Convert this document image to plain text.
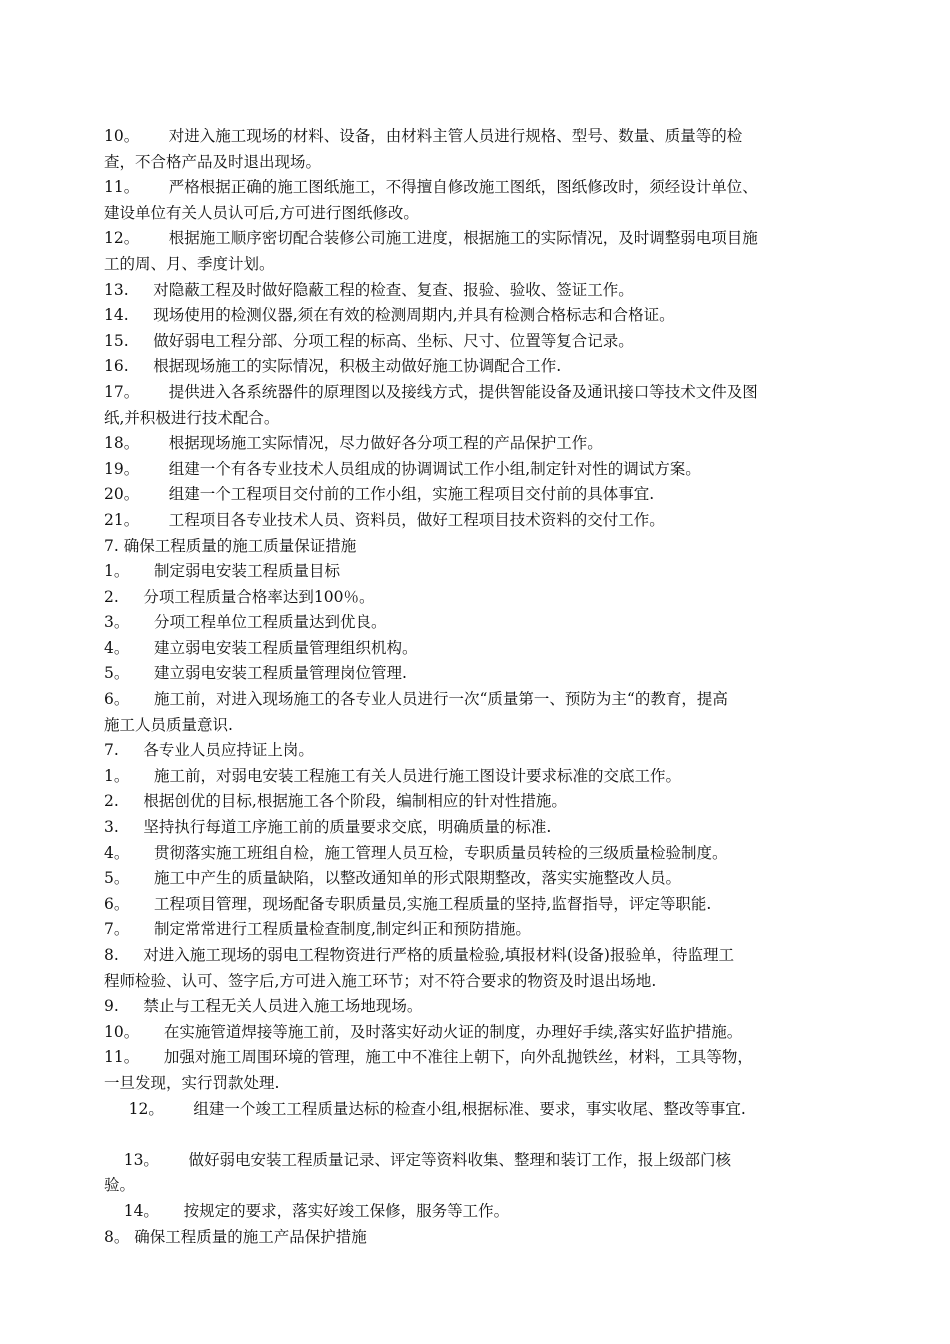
10。      对进入施工现场的材料、设备，由材料主管人员进行规格、型号、数量、质量等的检
查，不合格产品及时退出现场。
11。      严格根据正确的施工图纸施工，不得擅自修改施工图纸，图纸修改时，须经设计单位、
建设单位有关人员认可后,方可进行图纸修改。
12。      根据施工顺序密切配合装修公司施工进度，根据施工的实际情况，及时调整弱电项目施
工的周、月、季度计划。
13.     对隐蔽工程及时做好隐蔽工程的检查、复查、报验、验收、签证工作。
14.     现场使用的检测仪器,须在有效的检测周期内,并具有检测合格标志和合格证。
15.     做好弱电工程分部、分项工程的标高、坐标、尺寸、位置等复合记录。
16.     根据现场施工的实际情况，积极主动做好施工协调配合工作.
17。      提供进入各系统器件的原理图以及接线方式，提供智能设备及通讯接口等技术文件及图
纸,并积极进行技术配合。
18。      根据现场施工实际情况，尽力做好各分项工程的产品保护工作。
19。      组建一个有各专业技术人员组成的协调调试工作小组,制定针对性的调试方案。
20。      组建一个工程项目交付前的工作小组，实施工程项目交付前的具体事宜.
21。      工程项目各专业技术人员、资料员，做好工程项目技术资料的交付工作。
7. 确保工程质量的施工质量保证措施
1。     制定弱电安装工程质量目标
2.     分项工程质量合格率达到100％。
3。     分项工程单位工程质量达到优良。
4。     建立弱电安装工程质量管理组织机构。
5。     建立弱电安装工程质量管理岗位管理.
6。     施工前，对进入现场施工的各专业人员进行一次“质量第一、预防为主“的教育，提高
施工人员质量意识.
7.     各专业人员应持证上岗。
1。     施工前，对弱电安装工程施工有关人员进行施工图设计要求标准的交底工作。
2.     根据创优的目标,根据施工各个阶段，编制相应的针对性措施。
3.     坚持执行每道工序施工前的质量要求交底，明确质量的标准.
4。     贯彻落实施工班组自检，施工管理人员互检，专职质量员转检的三级质量检验制度。
5。     施工中产生的质量缺陷，以整改通知单的形式限期整改，落实实施整改人员。
6。     工程项目管理，现场配备专职质量员,实施工程质量的坚持,监督指导，评定等职能.
7。     制定常常进行工程质量检查制度,制定纠正和预防措施。
8.     对进入施工现场的弱电工程物资进行严格的质量检验,填报材料(设备)报验单，待监理工
程师检验、认可、签字后,方可进入施工环节；对不符合要求的物资及时退出场地.
9.     禁止与工程无关人员进入施工场地现场。
10。     在实施管道焊接等施工前，及时落实好动火证的制度，办理好手续,落实好监护措施。
11。     加强对施工周围环境的管理，施工中不准往上朝下，向外乱抛铁丝，材料，工具等物，
一旦发现，实行罚款处理.
12。      组建一个竣工工程质量达标的检查小组,根据标准、要求，事实收尾、整改等事宜.
13。      做好弱电安装工程质量记录、评定等资料收集、整理和装订工作，报上级部门核
验。
14。     按规定的要求，落实好竣工保修，服务等工作。
8。 确保工程质量的施工产品保护措施
